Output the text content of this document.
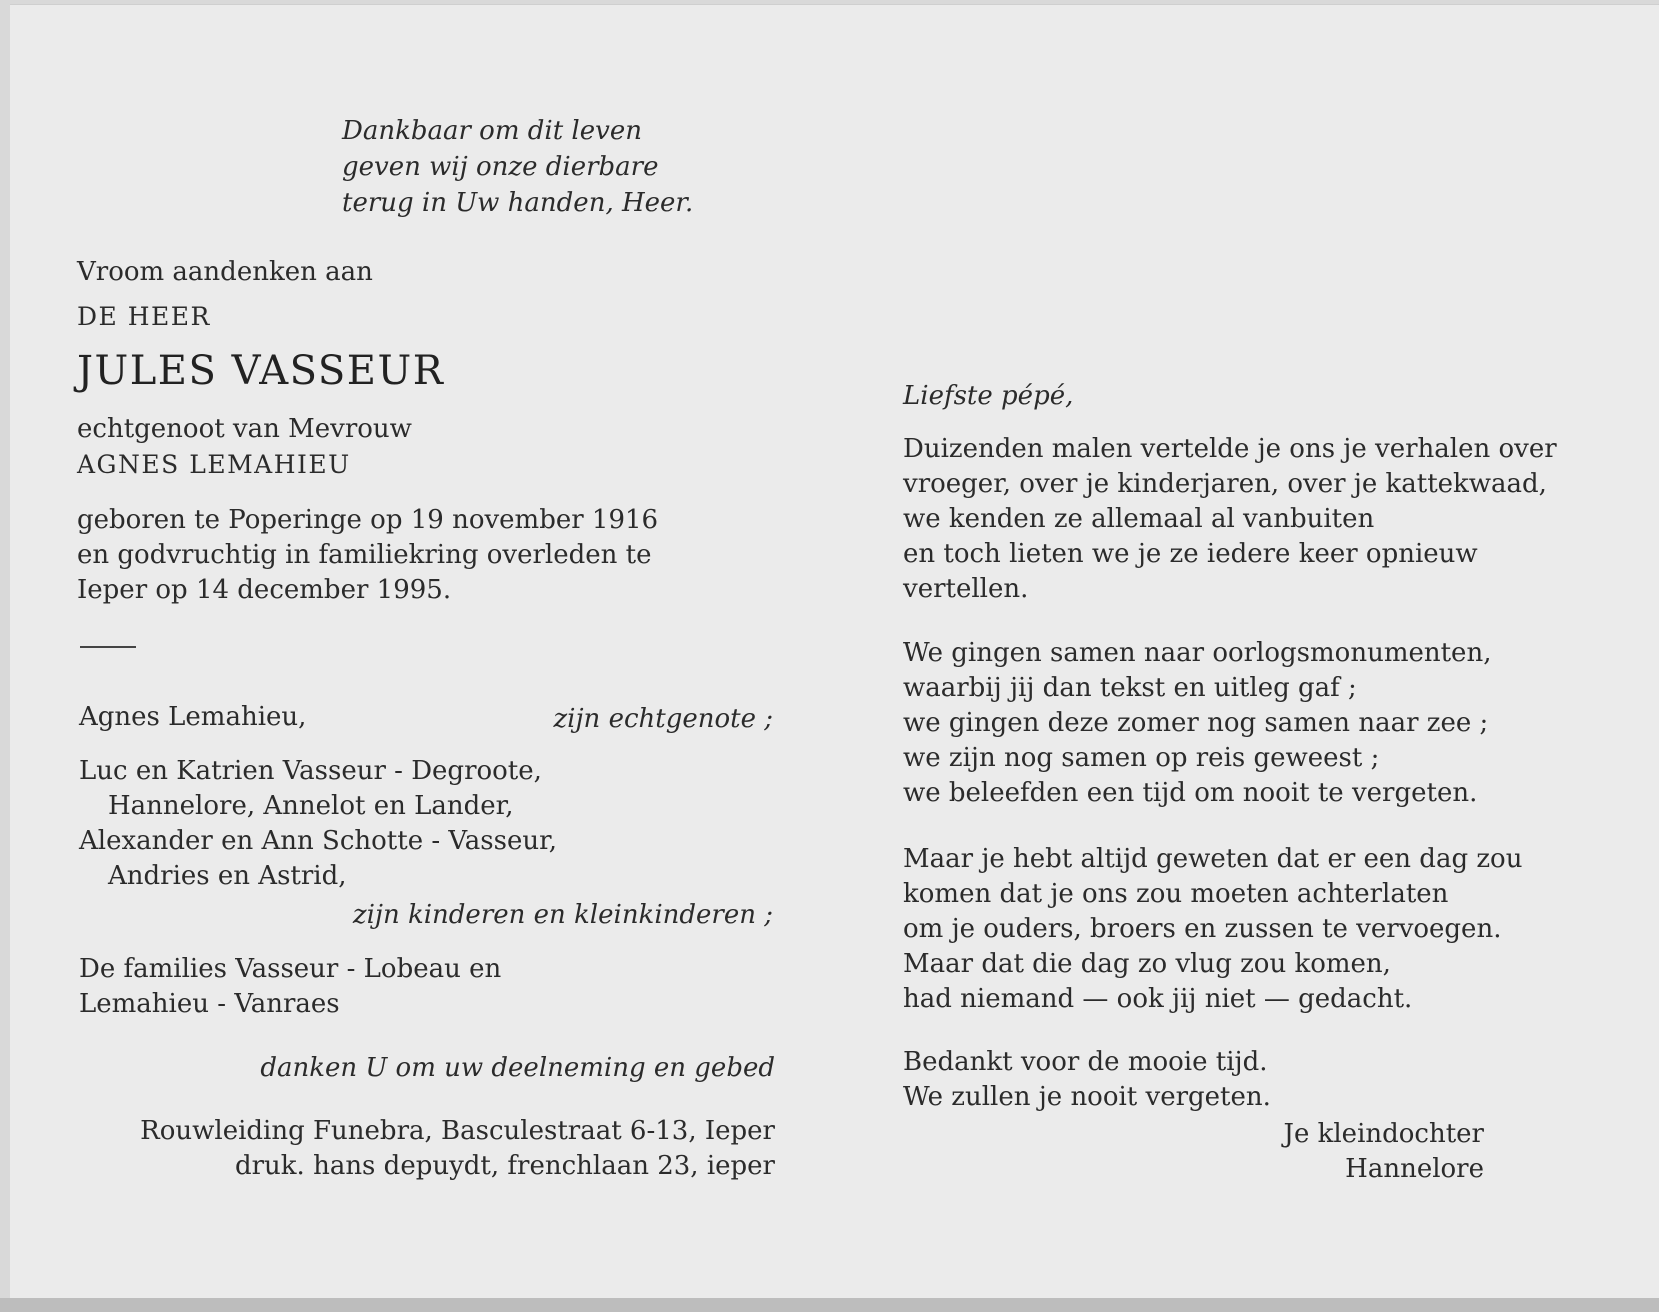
Dankbaar om dit leven
geven wij onze dierbare
terug in Uw handen, Heer.
Vroom aandenken aan
DE HEER
JULES VASSEUR
echtgenoot van Mevrouw
AGNES LEMAHIEU
geboren te Poperinge op 19 november 1916
en godvruchtig in familiekring overleden te
Ieper op 14 december 1995.
Agnes Lemahieu,	zijn echtgenote ;
Luc en Katrien Vasseur - Degroote,
Hannelore, Annelot en Lander,
Alexander en Ann Schotte - Vasseur,
Andries en Astrid,
zijn kinderen en kleinkinderen ;
De families Vasseur - Lobeau en
Lemahieu - Vanraes
danken U om uw deelneming en gebed
Rouwleiding Funebra, Basculestraat 6-13, Ieper
druk. hans depuydt, frenchlaan 23, ieper
Liefste pépé,
Duizenden malen vertelde je ons je verhalen over
vroeger, over je kinderjaren, over je kattekwaad,
we kenden ze allemaal al vanbuiten
en toch lieten we je ze iedere keer opnieuw
vertellen.
We gingen samen naar oorlogsmonumenten,
waarbij jij dan tekst en uitleg gaf ;
we gingen deze zomer nog samen naar zee ;
we zijn nog samen op reis geweest ;
we beleefden een tijd om nooit te vergeten.
Maar je hebt altijd geweten dat er een dag zou
komen dat je ons zou moeten achterlaten
om je ouders, broers en zussen te vervoegen.
Maar dat die dag zo vlug zou komen,
had niemand — ook jij niet — gedacht.
Bedankt voor de mooie tijd.
We zullen je nooit vergeten.
Je kleindochter
Hannelore
